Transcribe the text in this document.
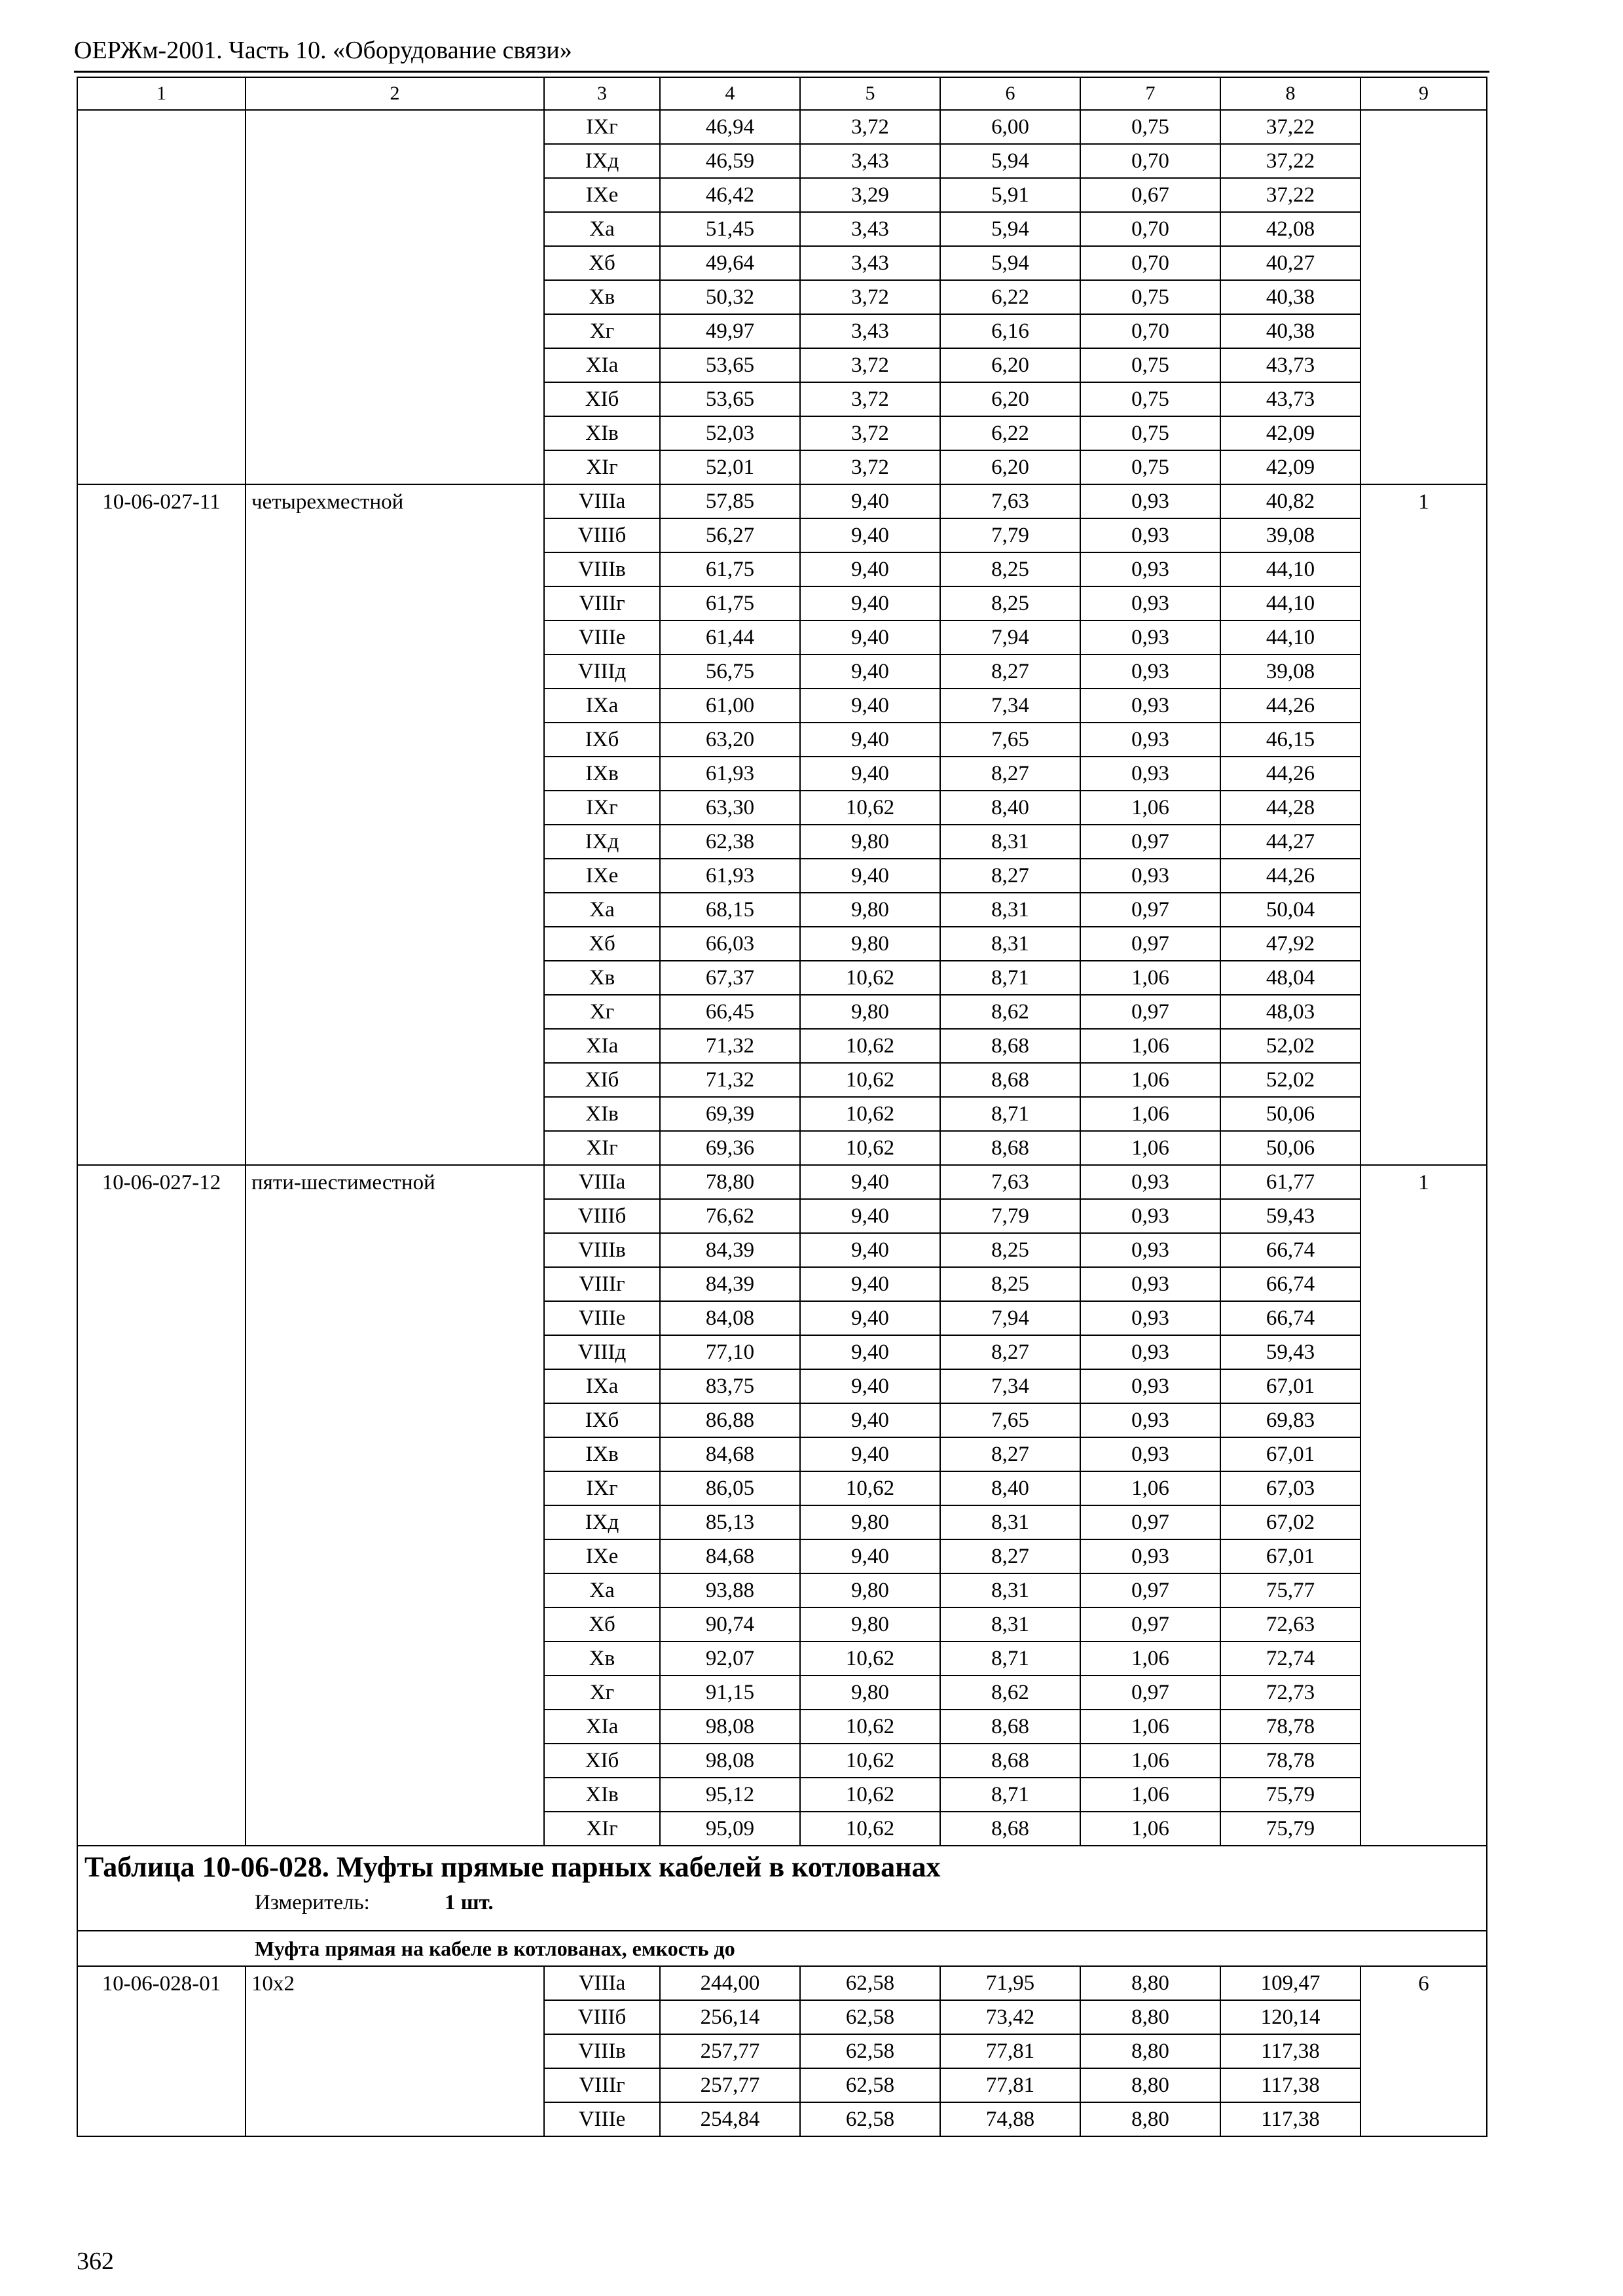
ОЕРЖм-2001. Часть 10. «Оборудование связи»
1	2	3	4	5	6	7	8	9
		IXг	46,94	3,72	6,00	0,75	37,22	
		IXд	46,59	3,43	5,94	0,70	37,22	
		IXе	46,42	3,29	5,91	0,67	37,22	
		Xа	51,45	3,43	5,94	0,70	42,08	
		Xб	49,64	3,43	5,94	0,70	40,27	
		Xв	50,32	3,72	6,22	0,75	40,38	
		Xг	49,97	3,43	6,16	0,70	40,38	
		XIа	53,65	3,72	6,20	0,75	43,73	
		XIб	53,65	3,72	6,20	0,75	43,73	
		XIв	52,03	3,72	6,22	0,75	42,09	
		XIг	52,01	3,72	6,20	0,75	42,09	
10-06-027-11	четырехместной	VIIIа	57,85	9,40	7,63	0,93	40,82	1
		VIIIб	56,27	9,40	7,79	0,93	39,08	
		VIIIв	61,75	9,40	8,25	0,93	44,10	
		VIIIг	61,75	9,40	8,25	0,93	44,10	
		VIIIе	61,44	9,40	7,94	0,93	44,10	
		VIIIд	56,75	9,40	8,27	0,93	39,08	
		IXа	61,00	9,40	7,34	0,93	44,26	
		IXб	63,20	9,40	7,65	0,93	46,15	
		IXв	61,93	9,40	8,27	0,93	44,26	
		IXг	63,30	10,62	8,40	1,06	44,28	
		IXд	62,38	9,80	8,31	0,97	44,27	
		IXе	61,93	9,40	8,27	0,93	44,26	
		Xа	68,15	9,80	8,31	0,97	50,04	
		Xб	66,03	9,80	8,31	0,97	47,92	
		Xв	67,37	10,62	8,71	1,06	48,04	
		Xг	66,45	9,80	8,62	0,97	48,03	
		XIа	71,32	10,62	8,68	1,06	52,02	
		XIб	71,32	10,62	8,68	1,06	52,02	
		XIв	69,39	10,62	8,71	1,06	50,06	
		XIг	69,36	10,62	8,68	1,06	50,06	
10-06-027-12	пяти-шестиместной	VIIIа	78,80	9,40	7,63	0,93	61,77	1
		VIIIб	76,62	9,40	7,79	0,93	59,43	
		VIIIв	84,39	9,40	8,25	0,93	66,74	
		VIIIг	84,39	9,40	8,25	0,93	66,74	
		VIIIе	84,08	9,40	7,94	0,93	66,74	
		VIIIд	77,10	9,40	8,27	0,93	59,43	
		IXа	83,75	9,40	7,34	0,93	67,01	
		IXб	86,88	9,40	7,65	0,93	69,83	
		IXв	84,68	9,40	8,27	0,93	67,01	
		IXг	86,05	10,62	8,40	1,06	67,03	
		IXд	85,13	9,80	8,31	0,97	67,02	
		IXе	84,68	9,40	8,27	0,93	67,01	
		Xа	93,88	9,80	8,31	0,97	75,77	
		Xб	90,74	9,80	8,31	0,97	72,63	
		Xв	92,07	10,62	8,71	1,06	72,74	
		Xг	91,15	9,80	8,62	0,97	72,73	
		XIа	98,08	10,62	8,68	1,06	78,78	
		XIб	98,08	10,62	8,68	1,06	78,78	
		XIв	95,12	10,62	8,71	1,06	75,79	
		XIг	95,09	10,62	8,68	1,06	75,79	
Таблица 10-06-028. Муфты прямые парных кабелей в котлованах
Измеритель: 1 шт.								

Муфта прямая на кабеле в котлованах, емкость до								
10-06-028-01	10х2	VIIIа	244,00	62,58	71,95	8,80	109,47	6
		VIIIб	256,14	62,58	73,42	8,80	120,14	
		VIIIв	257,77	62,58	77,81	8,80	117,38	
		VIIIг	257,77	62,58	77,81	8,80	117,38	
		VIIIе	254,84	62,58	74,88	8,80	117,38	
362
